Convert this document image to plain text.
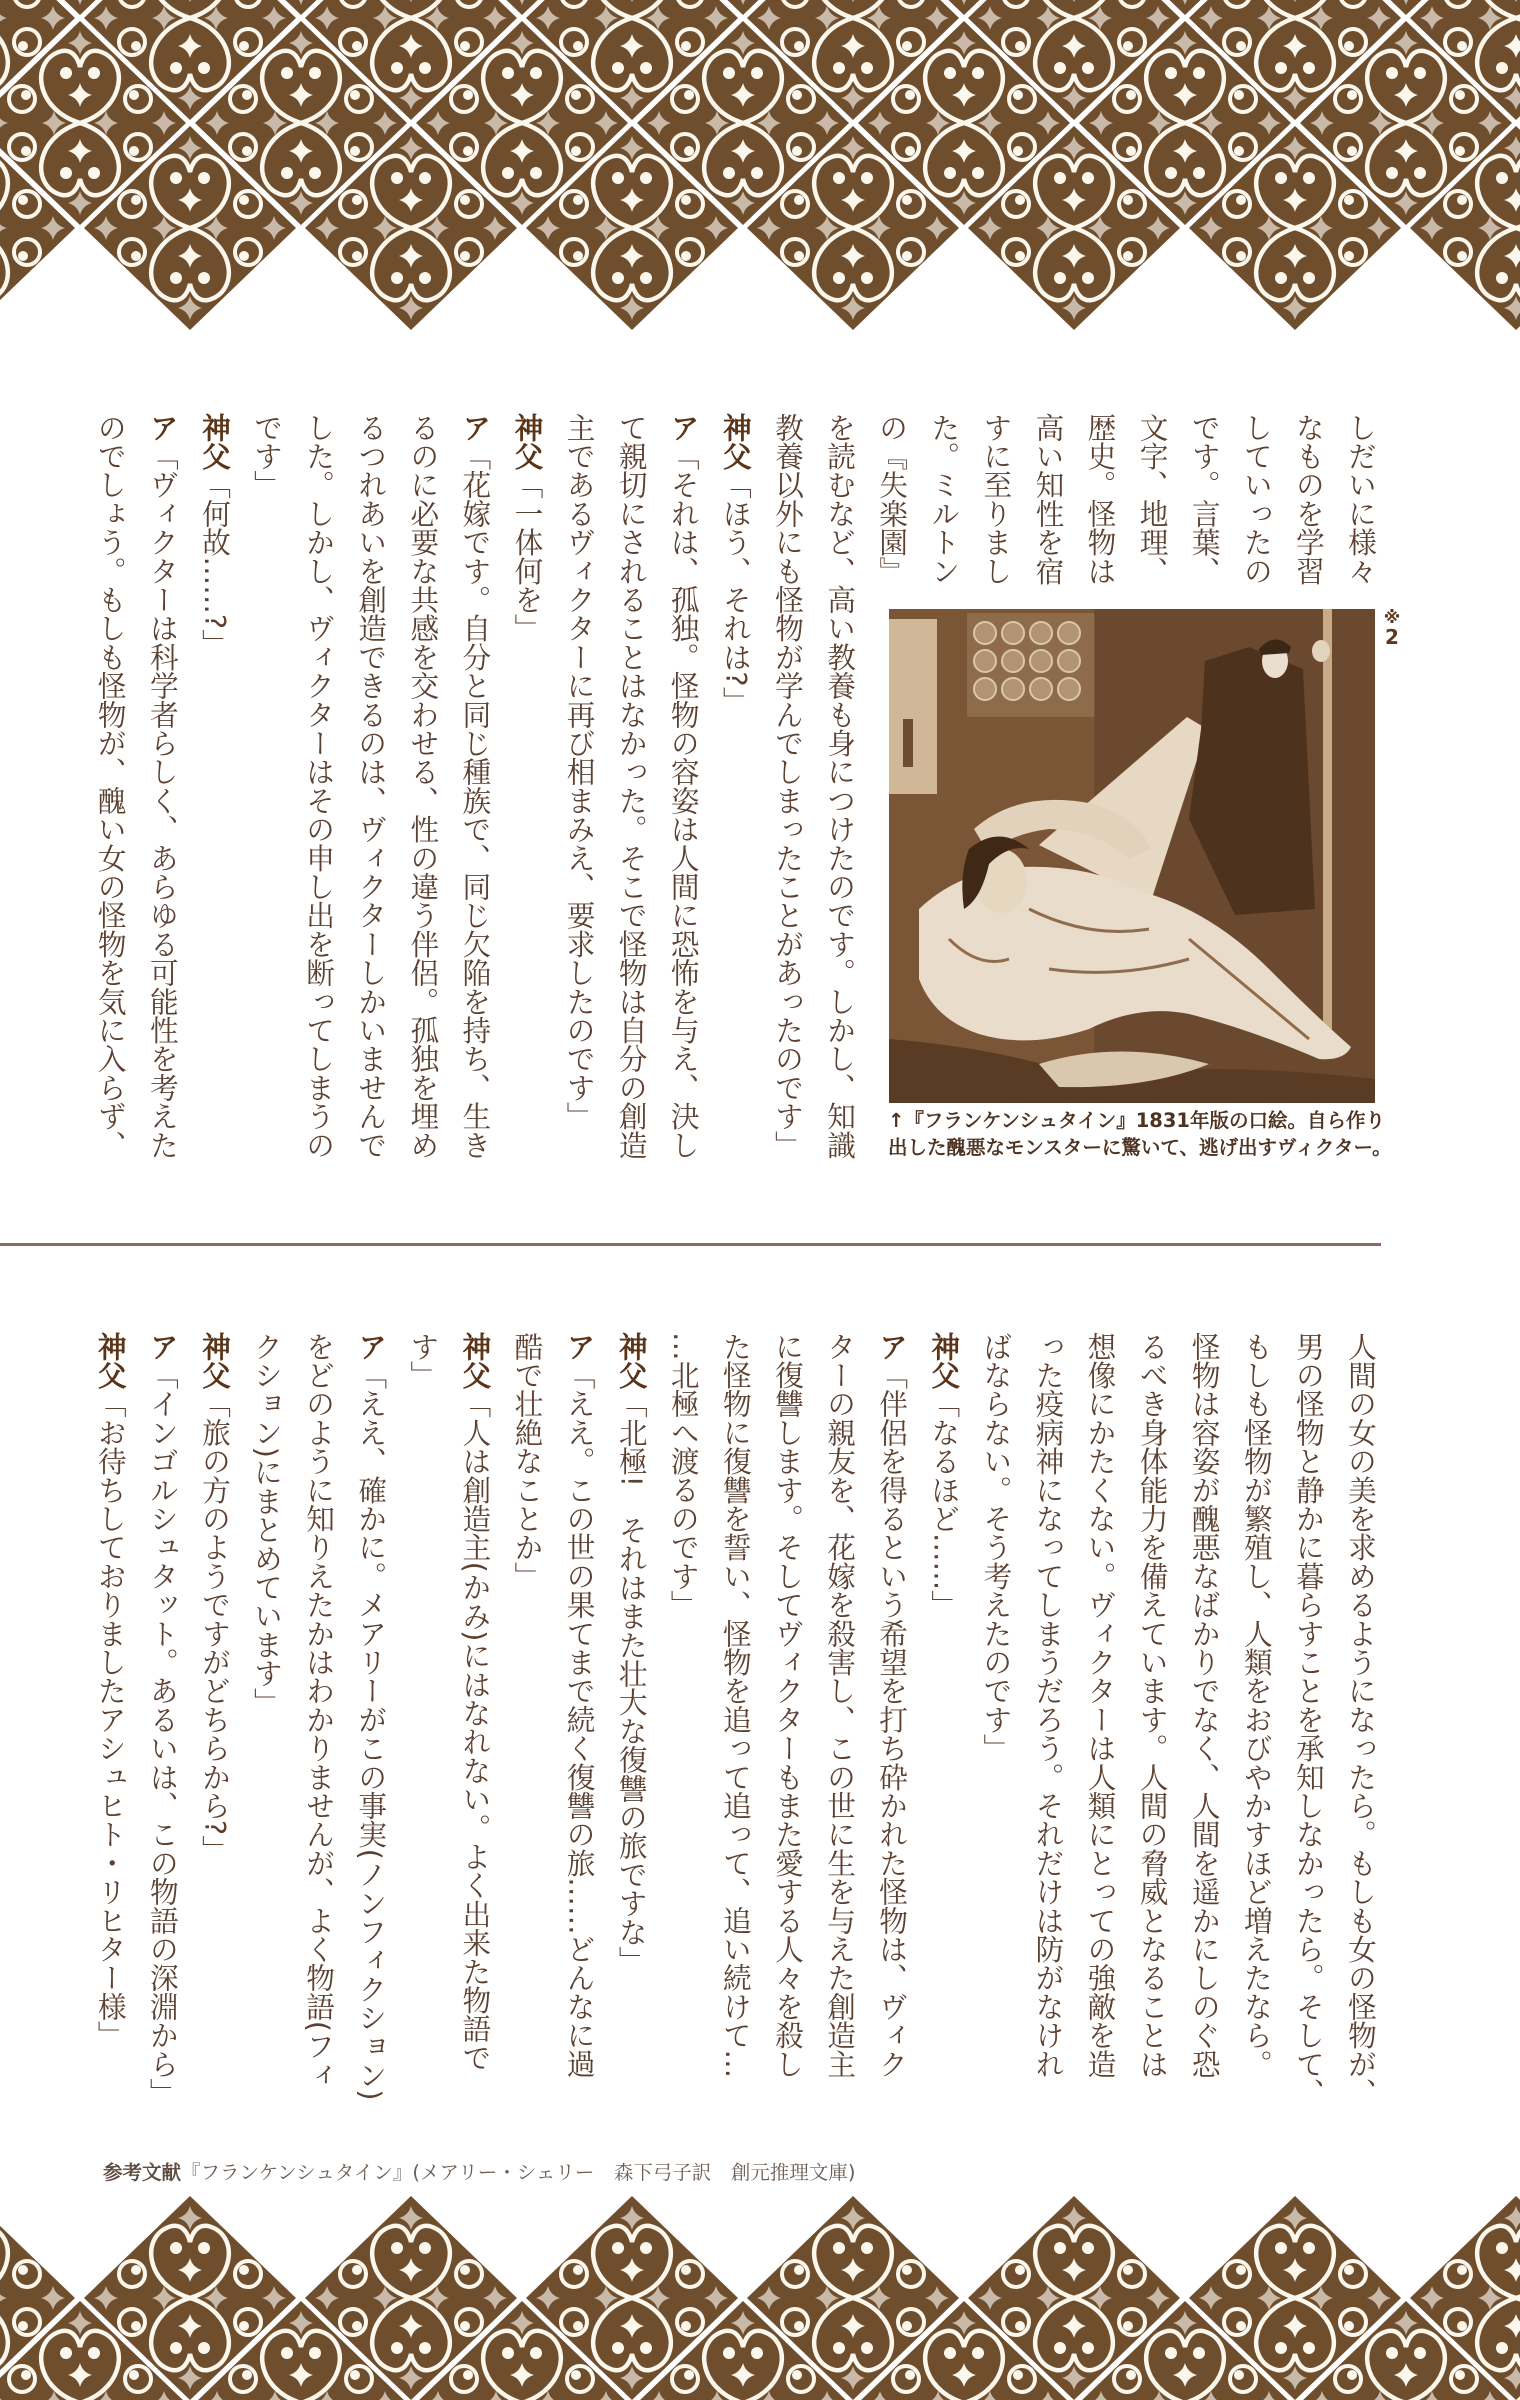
しだいに様々
なものを学習
していったの
です。言葉、
文字、地理、
歴史。怪物は
高い知性を宿
すに至りまし
た。ミルトン
の『失楽園』
を読むなど、高い教養も身につけたのです。しかし、知識
教養以外にも怪物が学んでしまったことがあったのです」
神父「ほう、それは?」
ア「それは、孤独。怪物の容姿は人間に恐怖を与え、決し
て親切にされることはなかった。そこで怪物は自分の創造
主であるヴィクターに再び相まみえ、要求したのです」
神父「一体何を」
ア「花嫁です。自分と同じ種族で、同じ欠陥を持ち、生き
るのに必要な共感を交わせる、性の違う伴侶。孤独を埋め
るつれあいを創造できるのは、ヴィクターしかいませんで
した。しかし、ヴィクターはその申し出を断ってしまうの
です」
神父「何故……?」
ア「ヴィクターは科学者らしく、あらゆる可能性を考えた
のでしょう。もしも怪物が、醜い女の怪物を気に入らず、	※
2
↑『フランケンシュタイン』1831年版の口絵。自ら作り
出した醜悪なモンスターに驚いて、逃げ出すヴィクター。
人間の女の美を求めるようになったら。もしも女の怪物が、
男の怪物と静かに暮らすことを承知しなかったら。そして、
もしも怪物が繁殖し、人類をおびやかすほど増えたなら。
怪物は容姿が醜悪なばかりでなく、人間を遥かにしのぐ恐
るべき身体能力を備えています。人間の脅威となることは
想像にかたくない。ヴィクターは人類にとっての強敵を造
った疫病神になってしまうだろう。それだけは防がなけれ
ばならない。そう考えたのです」
神父「なるほど……」
ア「伴侶を得るという希望を打ち砕かれた怪物は、ヴィク
ターの親友を、花嫁を殺害し、この世に生を与えた創造主
に復讐します。そしてヴィクターもまた愛する人々を殺し
た怪物に復讐を誓い、怪物を追って追って、追い続けて…
…北極へ渡るのです」
神父「北極!　それはまた壮大な復讐の旅ですな」
ア「ええ。この世の果てまで続く復讐の旅……どんなに過
酷で壮絶なことか」
神父「人は創造主(かみ)にはなれない。よく出来た物語で
す」
ア「ええ、確かに。メアリーがこの事実(ノンフィクション)
をどのように知りえたかはわかりませんが、よく物語(フィ
クション)にまとめています」
神父「旅の方のようですがどちらから?」
ア「インゴルシュタット。あるいは、この物語の深淵から」
神父「お待ちしておりましたアシュヒト・リヒター様」
参考文献『フランケンシュタイン』(メアリー・シェリー　森下弓子訳　創元推理文庫)
